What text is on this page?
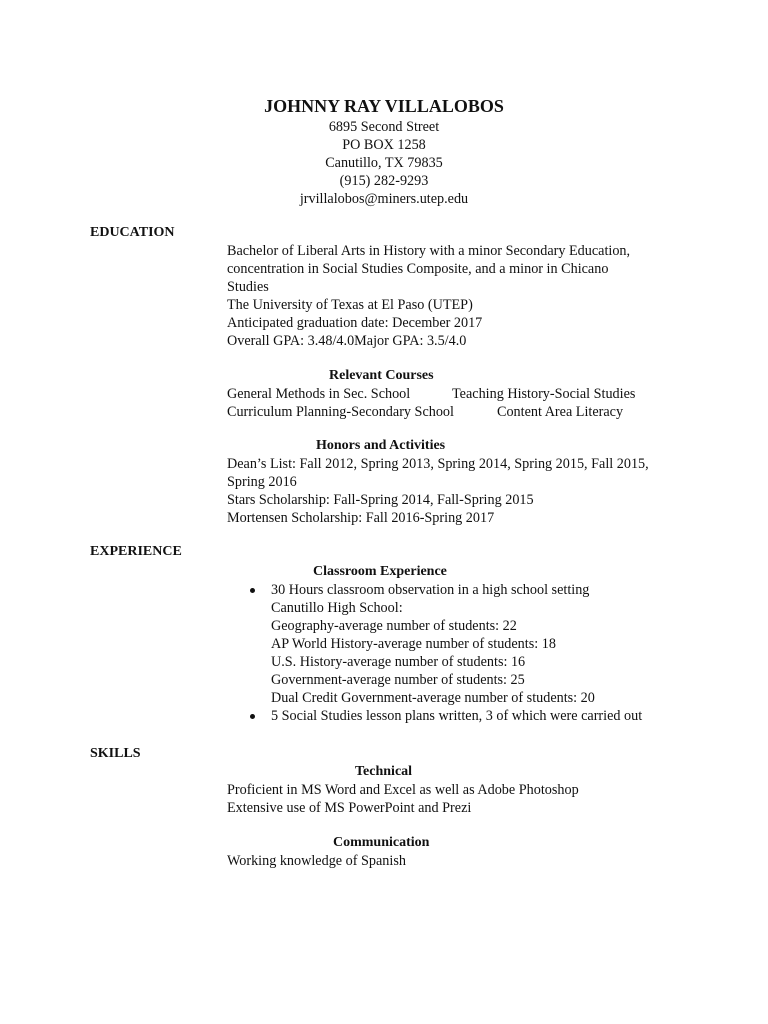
JOHNNY RAY VILLALOBOS
6895 Second Street
PO BOX 1258
Canutillo, TX 79835
(915) 282-9293
jrvillalobos@miners.utep.edu
EDUCATION
Bachelor of Liberal Arts in History with a minor Secondary Education,
concentration in Social Studies Composite, and a minor in Chicano
Studies
The University of Texas at El Paso (UTEP)
Anticipated graduation date: December 2017
Overall GPA: 3.48/4.0Major GPA: 3.5/4.0
Relevant Courses
General Methods in Sec. School	Teaching History-Social Studies
Curriculum Planning-Secondary School	Content Area Literacy
Honors and Activities
Dean’s List: Fall 2012, Spring 2013, Spring 2014, Spring 2015, Fall 2015,
Spring 2016
Stars Scholarship: Fall-Spring 2014, Fall-Spring 2015
Mortensen Scholarship: Fall 2016-Spring 2017
EXPERIENCE
Classroom Experience
30 Hours classroom observation in a high school setting
Canutillo High School:
Geography-average number of students: 22
AP World History-average number of students: 18
U.S. History-average number of students: 16
Government-average number of students: 25
Dual Credit Government-average number of students: 20
5 Social Studies lesson plans written, 3 of which were carried out
SKILLS
Technical
Proficient in MS Word and Excel as well as Adobe Photoshop
Extensive use of MS PowerPoint and Prezi
Communication
Working knowledge of Spanish
